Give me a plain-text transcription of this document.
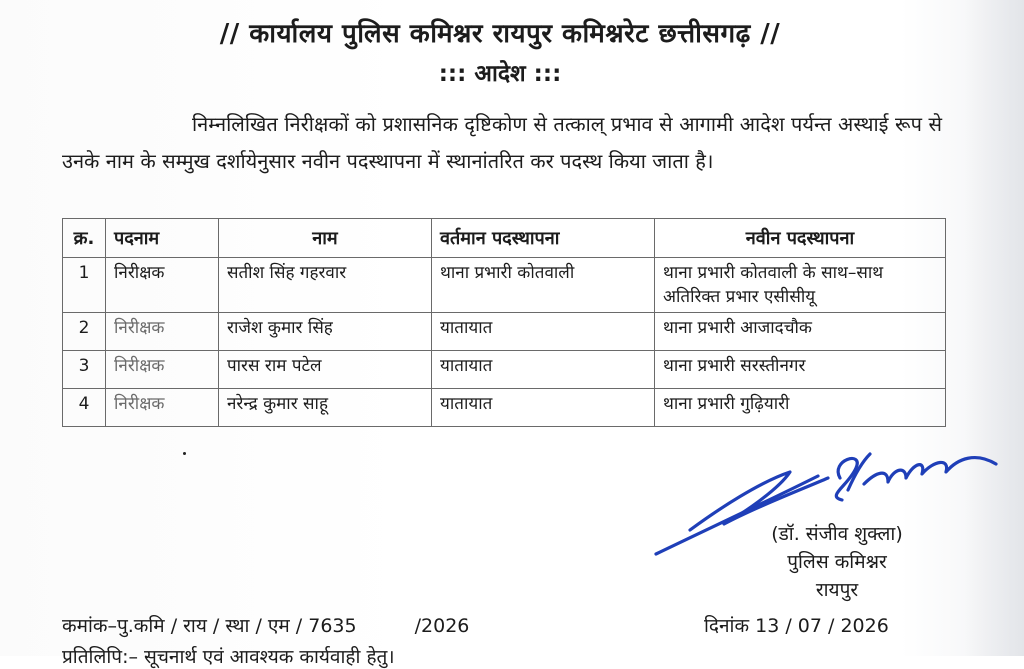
// कार्यालय पुलिस कमिश्नर रायपुर कमिश्नरेट छत्तीसगढ़ //
::: आदेश :::
निम्नलिखित निरीक्षकों को प्रशासनिक दृष्टिकोण से तत्काल् प्रभाव से आगामी आदेश पर्यन्त अस्थाई रूप से उनके नाम के सम्मुख दर्शायेनुसार नवीन पदस्थापना में स्थानांतरित कर पदस्थ किया जाता है।
क्र.	पदनाम	नाम	वर्तमान पदस्थापना	नवीन पदस्थापना
1	निरीक्षक	सतीश सिंह गहरवार	थाना प्रभारी कोतवाली	थाना प्रभारी कोतवाली के साथ–साथ अतिरिक्त प्रभार एसीसीयू
2	निरीक्षक	राजेश कुमार सिंह	यातायात	थाना प्रभारी आजादचौक
3	निरीक्षक	पारस राम पटेल	यातायात	थाना प्रभारी सरस्तीनगर
4	निरीक्षक	नरेन्द्र कुमार साहू	यातायात	थाना प्रभारी गुढ़ियारी
(डॉ. संजीव शुक्ला)
पुलिस कमिश्नर
रायपुर
कमांक–पु.कमि / राय / स्था / एम / 7635	/2026	दिनांक 13 / 07 / 2026
प्रतिलिपि:– सूचनार्थ एवं आवश्यक कार्यवाही हेतु।
